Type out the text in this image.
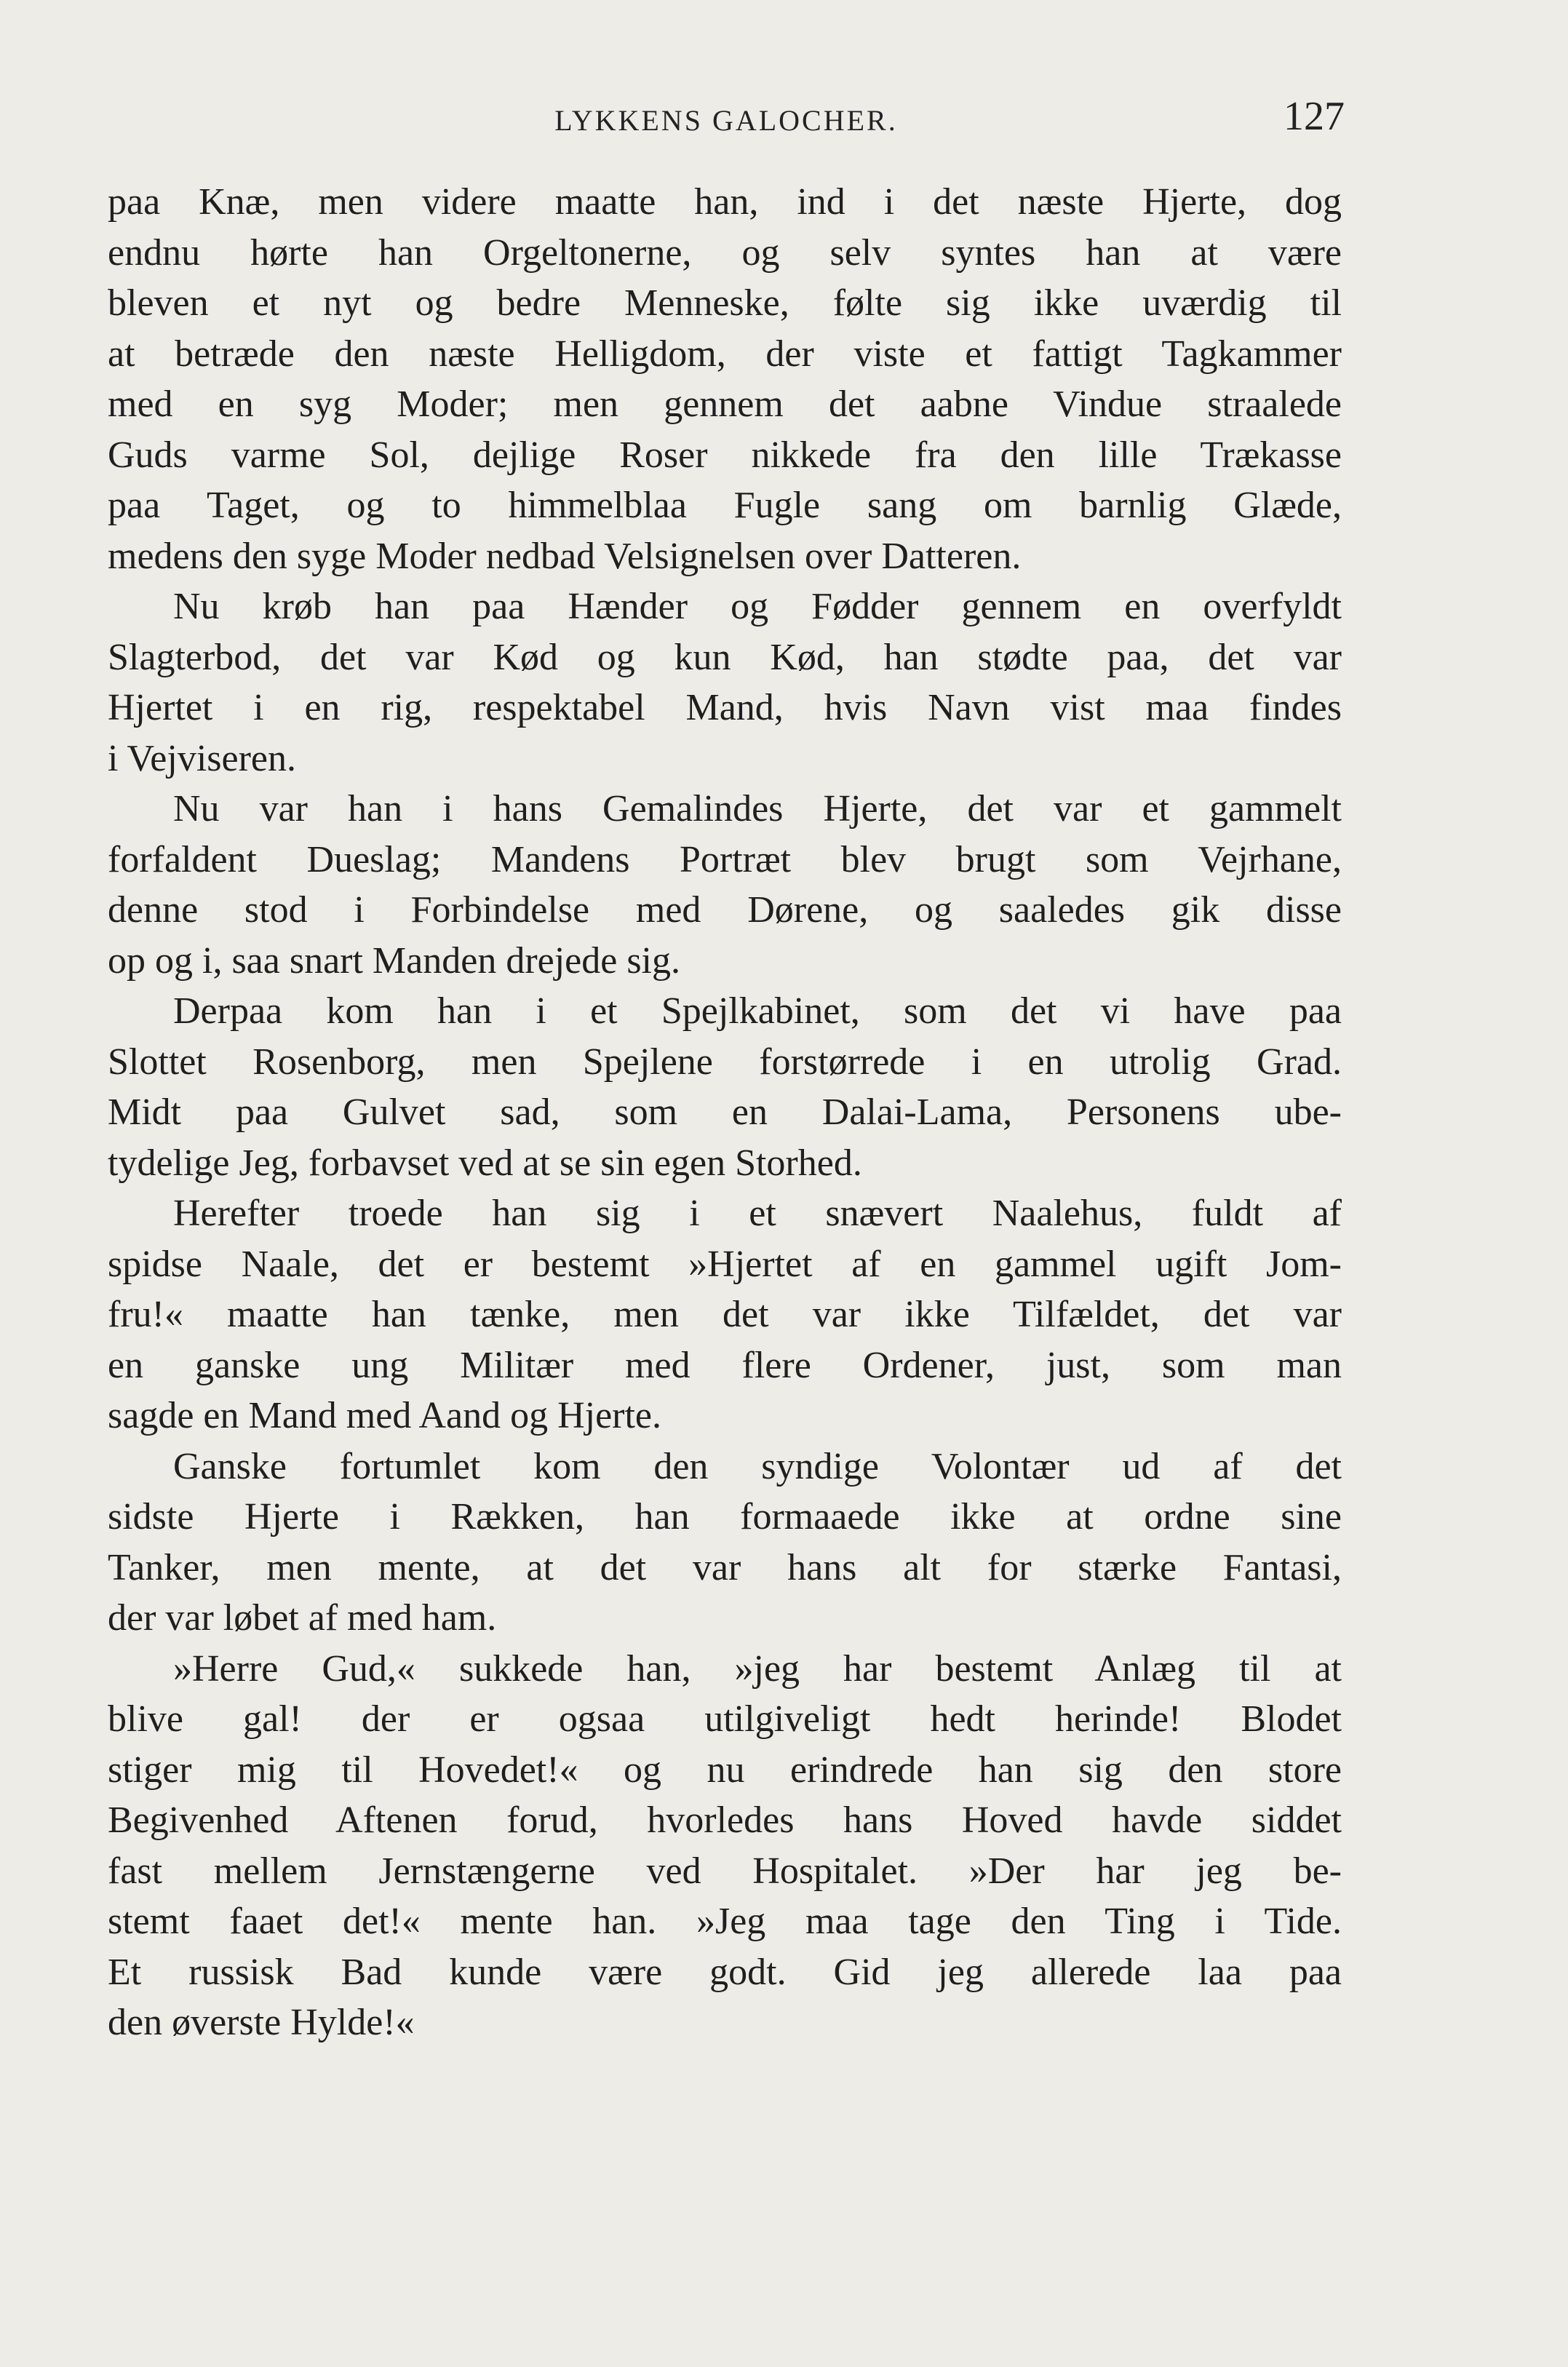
LYKKENS GALOCHER.	127
paa Knæ, men videre maatte han, ind i det næste Hjerte, dog
endnu hørte han Orgeltonerne, og selv syntes han at være
bleven et nyt og bedre Menneske, følte sig ikke uværdig til
at betræde den næste Helligdom, der viste et fattigt Tagkammer
med en syg Moder; men gennem det aabne Vindue straalede
Guds varme Sol, dejlige Roser nikkede fra den lille Trækasse
paa Taget, og to himmelblaa Fugle sang om barnlig Glæde,
medens den syge Moder nedbad Velsignelsen over Datteren.
Nu krøb han paa Hænder og Fødder gennem en overfyldt
Slagterbod, det var Kød og kun Kød, han stødte paa, det var
Hjertet i en rig, respektabel Mand, hvis Navn vist maa findes
i Vejviseren.
Nu var han i hans Gemalindes Hjerte, det var et gammelt
forfaldent Dueslag; Mandens Portræt blev brugt som Vejrhane,
denne stod i Forbindelse med Dørene, og saaledes gik disse
op og i, saa snart Manden drejede sig.
Derpaa kom han i et Spejlkabinet, som det vi have paa
Slottet Rosenborg, men Spejlene forstørrede i en utrolig Grad.
Midt paa Gulvet sad, som en Dalai-Lama, Personens ube-
tydelige Jeg, forbavset ved at se sin egen Storhed.
Herefter troede han sig i et snævert Naalehus, fuldt af
spidse Naale, det er bestemt »Hjertet af en gammel ugift Jom-
fru!« maatte han tænke, men det var ikke Tilfældet, det var
en ganske ung Militær med flere Ordener, just, som man
sagde en Mand med Aand og Hjerte.
Ganske fortumlet kom den syndige Volontær ud af det
sidste Hjerte i Rækken, han formaaede ikke at ordne sine
Tanker, men mente, at det var hans alt for stærke Fantasi,
der var løbet af med ham.
»Herre Gud,« sukkede han, »jeg har bestemt Anlæg til at
blive gal! der er ogsaa utilgiveligt hedt herinde! Blodet
stiger mig til Hovedet!« og nu erindrede han sig den store
Begivenhed Aftenen forud, hvorledes hans Hoved havde siddet
fast mellem Jernstængerne ved Hospitalet. »Der har jeg be-
stemt faaet det!« mente han. »Jeg maa tage den Ting i Tide.
Et russisk Bad kunde være godt. Gid jeg allerede laa paa
den øverste Hylde!«
